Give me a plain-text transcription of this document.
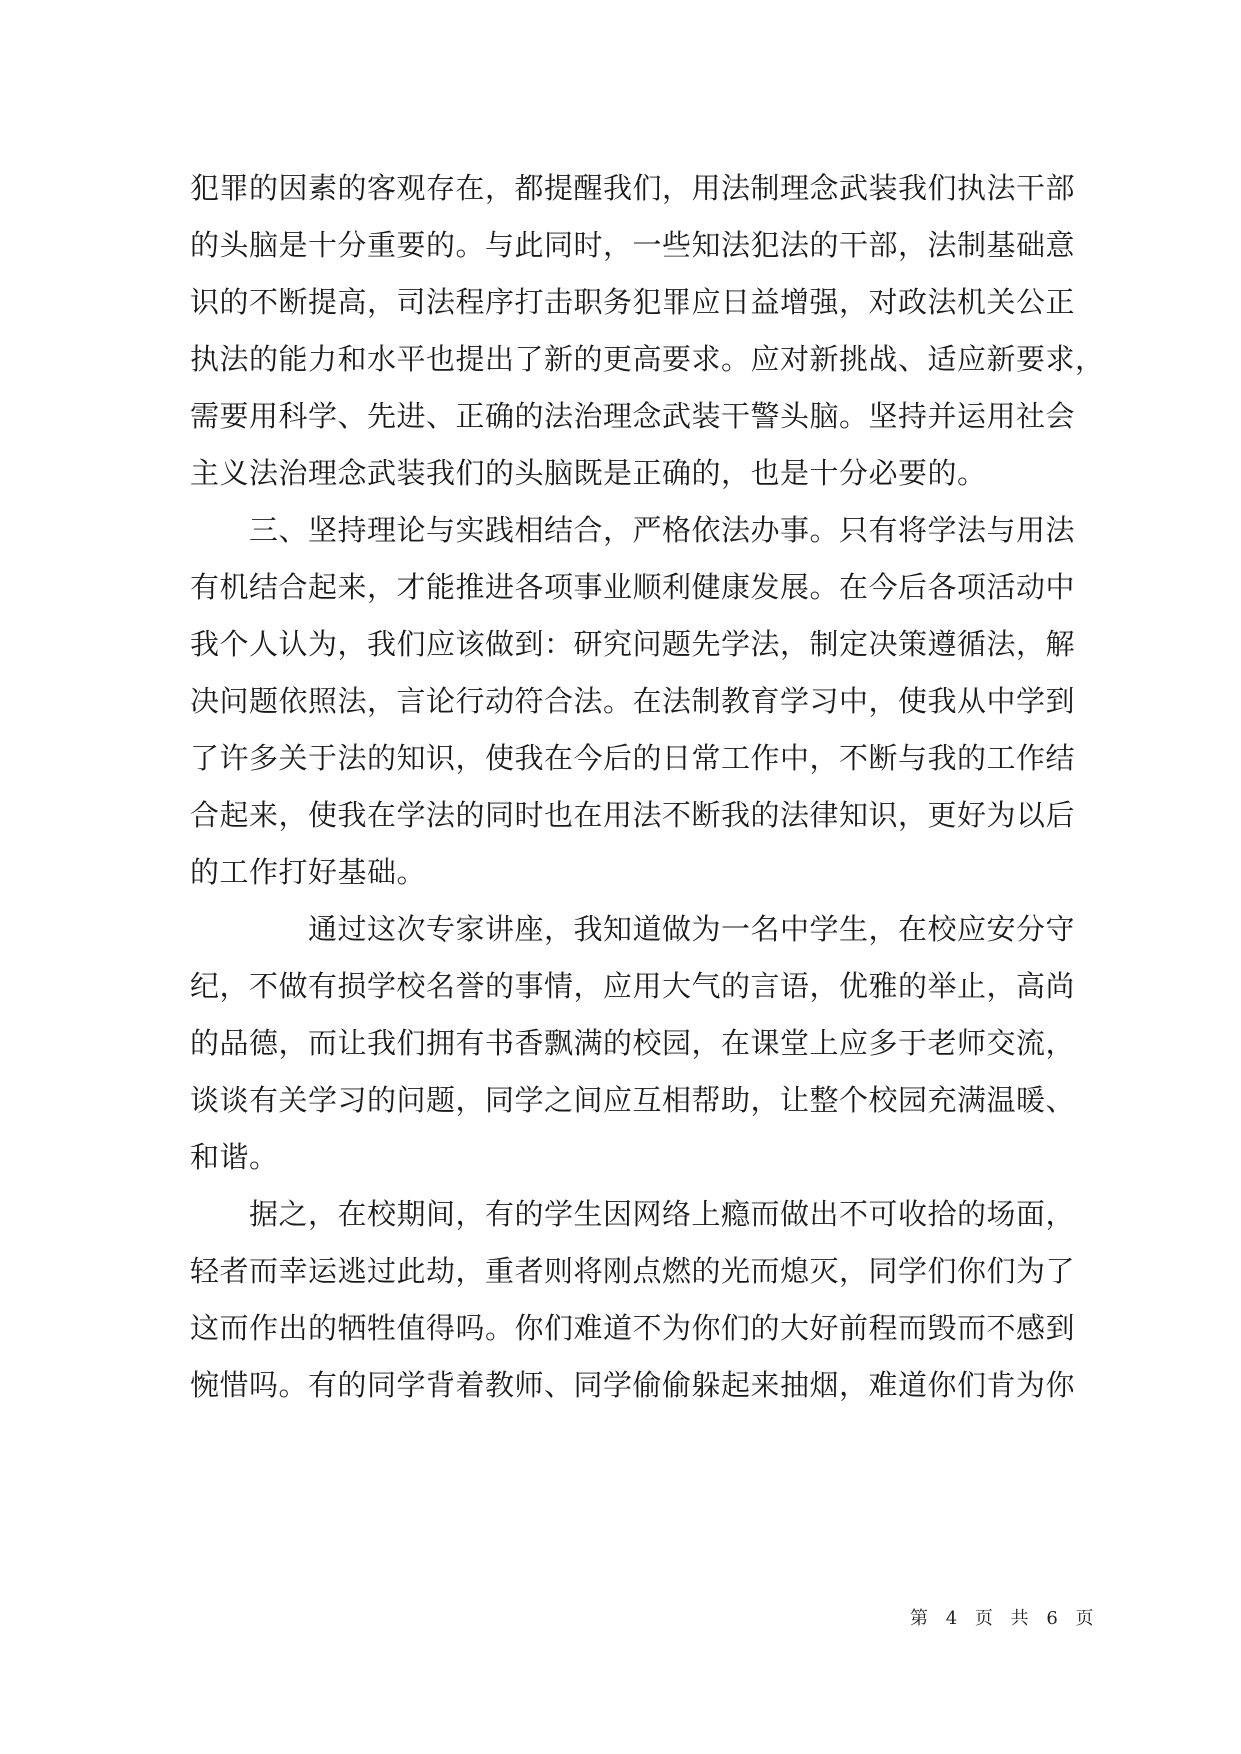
犯罪的因素的客观存在，都提醒我们，用法制理念武装我们执法干部
的头脑是十分重要的。与此同时，一些知法犯法的干部，法制基础意
识的不断提高，司法程序打击职务犯罪应日益增强，对政法机关公正
执法的能力和水平也提出了新的更高要求。应对新挑战、适应新要求，
需要用科学、先进、正确的法治理念武装干警头脑。坚持并运用社会
主义法治理念武装我们的头脑既是正确的，也是十分必要的。
　　三、坚持理论与实践相结合，严格依法办事。只有将学法与用法
有机结合起来，才能推进各项事业顺利健康发展。在今后各项活动中
我个人认为，我们应该做到：研究问题先学法，制定决策遵循法，解
决问题依照法，言论行动符合法。在法制教育学习中，使我从中学到
了许多关于法的知识，使我在今后的日常工作中，不断与我的工作结
合起来，使我在学法的同时也在用法不断我的法律知识，更好为以后
的工作打好基础。
　　　　通过这次专家讲座，我知道做为一名中学生，在校应安分守
纪，不做有损学校名誉的事情，应用大气的言语，优雅的举止，高尚
的品德，而让我们拥有书香飘满的校园，在课堂上应多于老师交流，
谈谈有关学习的问题，同学之间应互相帮助，让整个校园充满温暖、
和谐。
　　据之，在校期间，有的学生因网络上瘾而做出不可收拾的场面，
轻者而幸运逃过此劫，重者则将刚点燃的光而熄灭，同学们你们为了
这而作出的牺牲值得吗。你们难道不为你们的大好前程而毁而不感到
惋惜吗。有的同学背着教师、同学偷偷躲起来抽烟，难道你们肯为你
第 4 页 共 6 页
